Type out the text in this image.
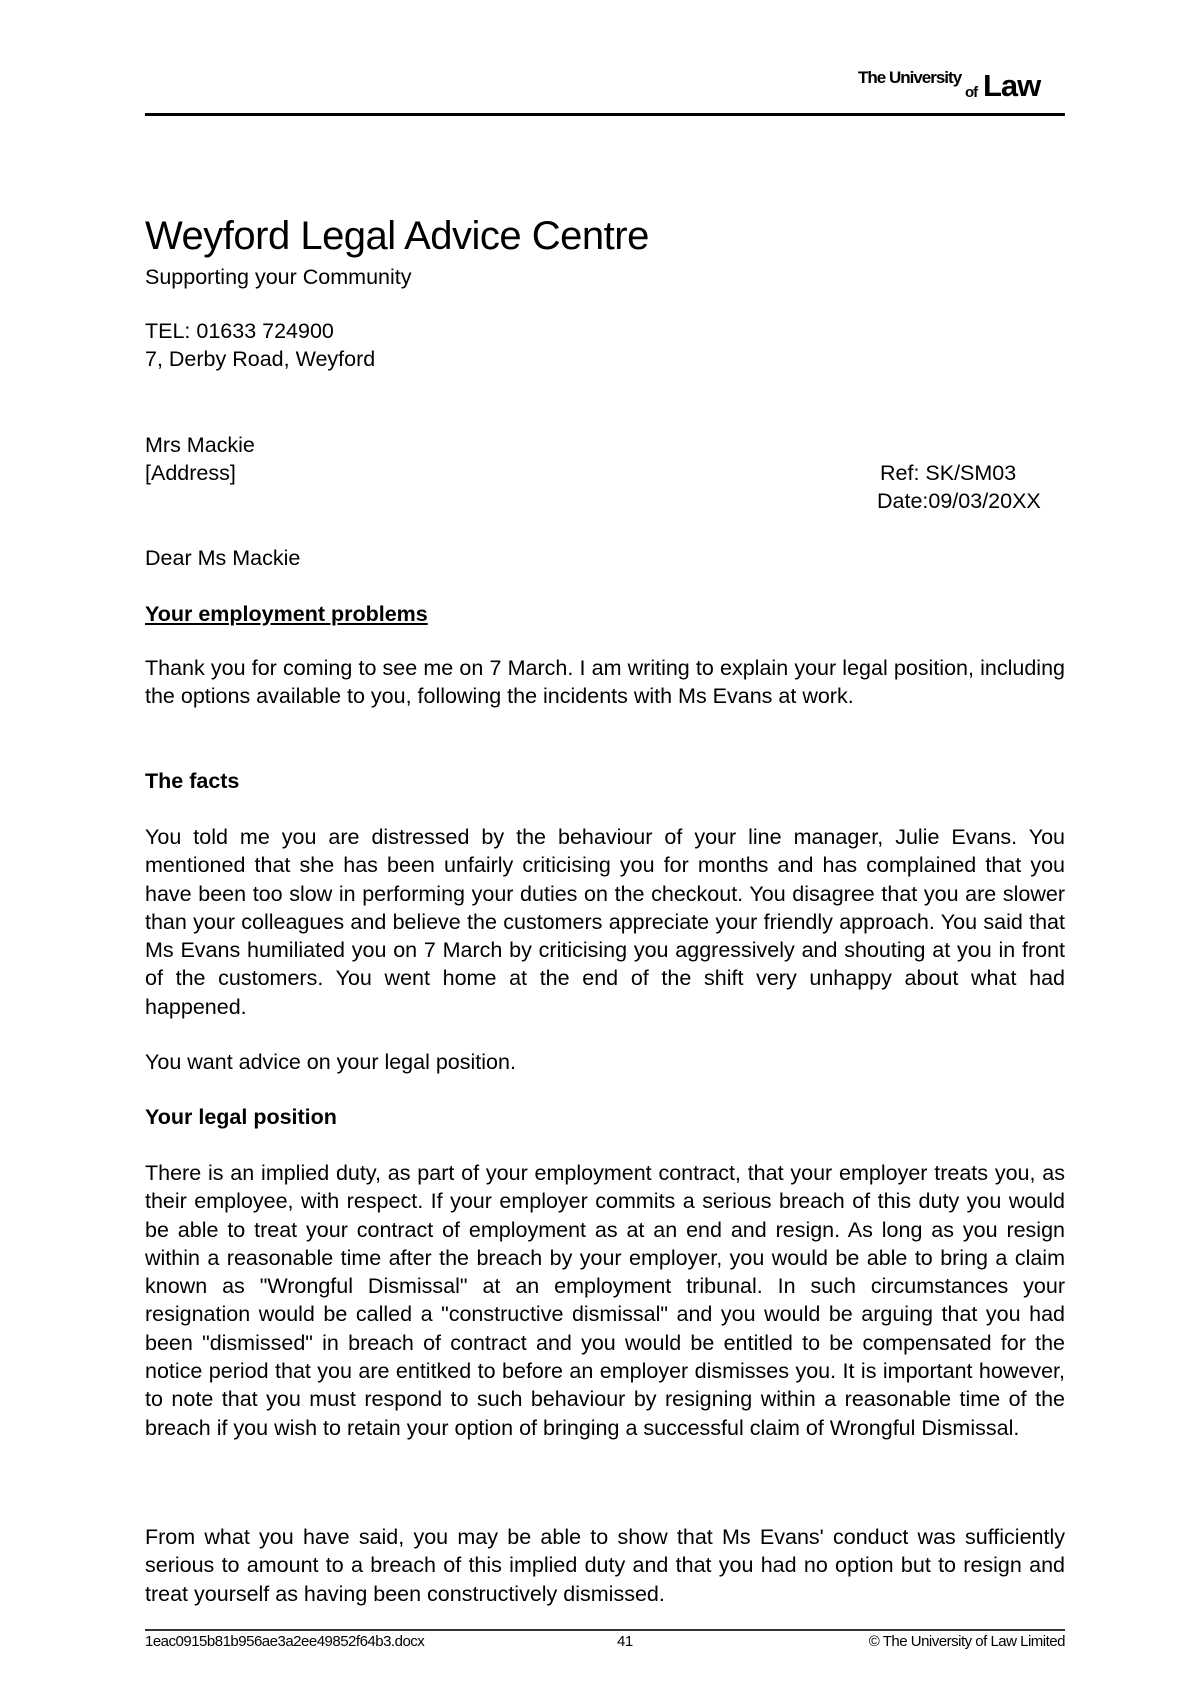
The University
of Law
Weyford Legal Advice Centre

Supporting your Community

TEL: 01633 724900

7, Derby Road, Weyford

Mrs Mackie

[Address]	Ref: SK/SM03

Date:09/03/20XX

Dear Ms Mackie

Your employment problems

Thank you for coming to see me on 7 March. I am writing to explain your legal position, including the options available to you, following the incidents with Ms Evans at work.

The facts

You told me you are distressed by the behaviour of your line manager, Julie Evans. You mentioned that she has been unfairly criticising you for months and has complained that you have been too slow in performing your duties on the checkout. You disagree that you are slower than your colleagues and believe the customers appreciate your friendly approach. You said that Ms Evans humiliated you on 7 March by criticising you aggressively and shouting at you in front of the customers. You went home at the end of the shift very unhappy about what had happened.

You want advice on your legal position.

Your legal position

There is an implied duty, as part of your employment contract, that your employer treats you, as their employee, with respect. If your employer commits a serious breach of this duty you would be able to treat your contract of employment as at an end and resign. As long as you resign within a reasonable time after the breach by your employer, you would be able to bring a claim known as "Wrongful Dismissal" at an employment tribunal. In such circumstances your resignation would be called a "constructive dismissal" and you would be arguing that you had been "dismissed" in breach of contract and you would be entitled to be compensated for the notice period that you are entitked to before an employer dismisses you. It is important however, to note that you must respond to such behaviour by resigning within a reasonable time of the breach if you wish to retain your option of bringing a successful claim of Wrongful Dismissal.

From what you have said, you may be able to show that Ms Evans' conduct was sufficiently serious to amount to a breach of this implied duty and that you had no option but to resign and treat yourself as having been constructively dismissed.

1eac0915b81b956ae3a2ee49852f64b3.docx	41	© The University of Law Limited
